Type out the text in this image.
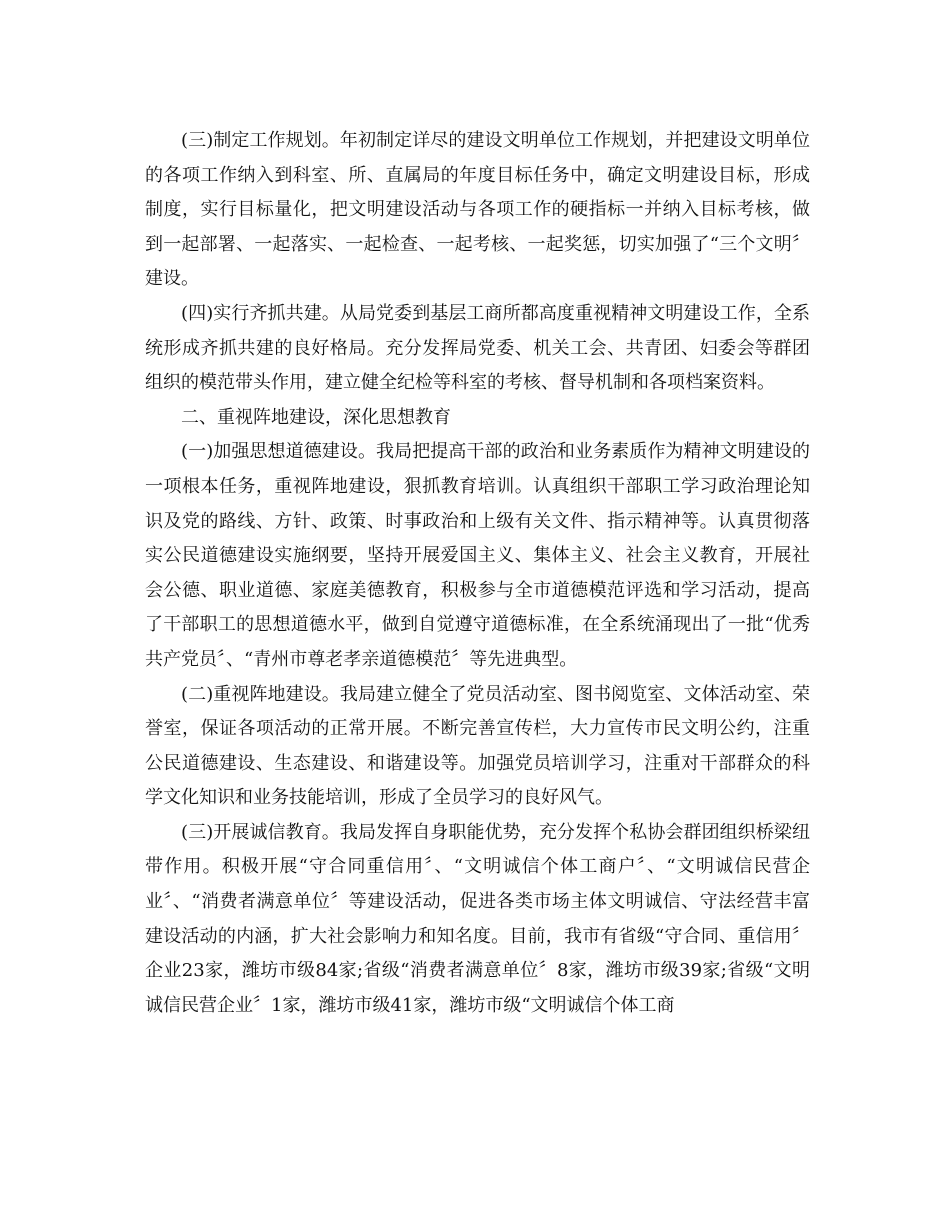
(三)制定工作规划。年初制定详尽的建设文明单位工作规划，并把建设文明单位的各项工作纳入到科室、所、直属局的年度目标任务中，确定文明建设目标，形成制度，实行目标量化，把文明建设活动与各项工作的硬指标一并纳入目标考核，做到一起部署、一起落实、一起检查、一起考核、一起奖惩，切实加强了“三个文明〞建设。

(四)实行齐抓共建。从局党委到基层工商所都高度重视精神文明建设工作，全系统形成齐抓共建的良好格局。充分发挥局党委、机关工会、共青团、妇委会等群团组织的模范带头作用，建立健全纪检等科室的考核、督导机制和各项档案资料。

二、重视阵地建设，深化思想教育

(一)加强思想道德建设。我局把提高干部的政治和业务素质作为精神文明建设的一项根本任务，重视阵地建设，狠抓教育培训。认真组织干部职工学习政治理论知识及党的路线、方针、政策、时事政治和上级有关文件、指示精神等。认真贯彻落实公民道德建设实施纲要，坚持开展爱国主义、集体主义、社会主义教育，开展社会公德、职业道德、家庭美德教育，积极参与全市道德模范评选和学习活动，提高了干部职工的思想道德水平，做到自觉遵守道德标准，在全系统涌现出了一批“优秀共产党员〞、“青州市尊老孝亲道德模范〞等先进典型。

(二)重视阵地建设。我局建立健全了党员活动室、图书阅览室、文体活动室、荣誉室，保证各项活动的正常开展。不断完善宣传栏，大力宣传市民文明公约，注重公民道德建设、生态建设、和谐建设等。加强党员培训学习，注重对干部群众的科学文化知识和业务技能培训，形成了全员学习的良好风气。

(三)开展诚信教育。我局发挥自身职能优势，充分发挥个私协会群团组织桥梁纽带作用。积极开展“守合同重信用〞、“文明诚信个体工商户〞、“文明诚信民营企业〞、“消费者满意单位〞等建设活动，促进各类市场主体文明诚信、守法经营丰富建设活动的内涵，扩大社会影响力和知名度。目前，我市有省级“守合同、重信用〞企业23家，潍坊市级84家;省级“消费者满意单位〞8家，潍坊市级39家;省级“文明诚信民营企业〞1家，潍坊市级41家，潍坊市级“文明诚信个体工商
